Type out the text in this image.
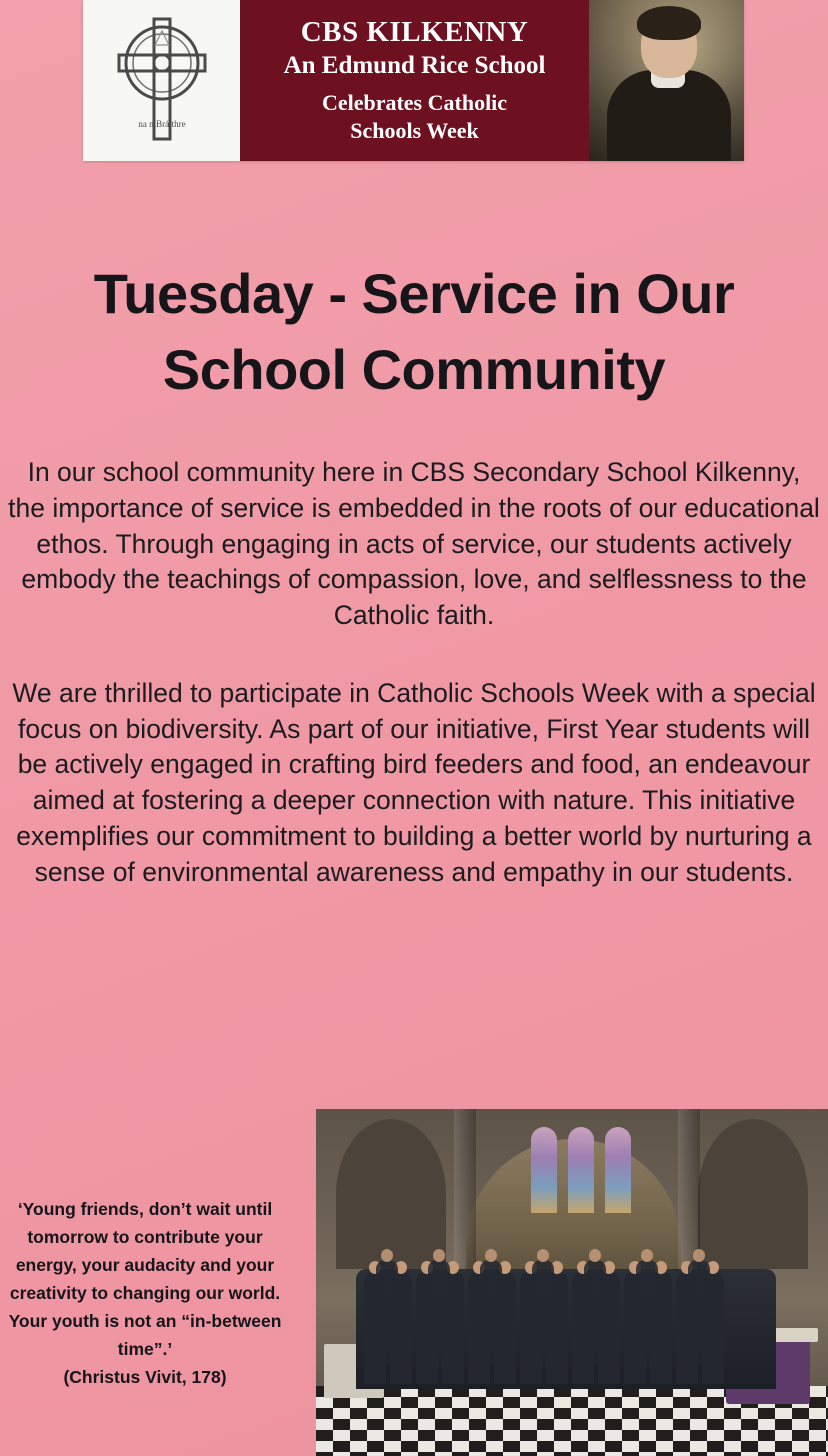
na mBráithre
CBS KILKENNY
An Edmund Rice School
Celebrates Catholic
Schools Week
Tuesday - Service in Our School Community

In our school community here in CBS Secondary School Kilkenny, the importance of service is embedded in the roots of our educational ethos. Through engaging in acts of service, our students actively embody the teachings of compassion, love, and selflessness to the Catholic faith.

We are thrilled to participate in Catholic Schools Week with a special focus on biodiversity. As part of our initiative, First Year students will be actively engaged in crafting bird feeders and food, an endeavour aimed at fostering a deeper connection with nature. This initiative exemplifies our commitment to building a better world by nurturing a sense of environmental awareness and empathy in our students.

‘Young friends, don’t wait until tomorrow to contribute your energy, your audacity and your creativity to changing our world. Your youth is not an “in-between time”.’
(Christus Vivit, 178)
